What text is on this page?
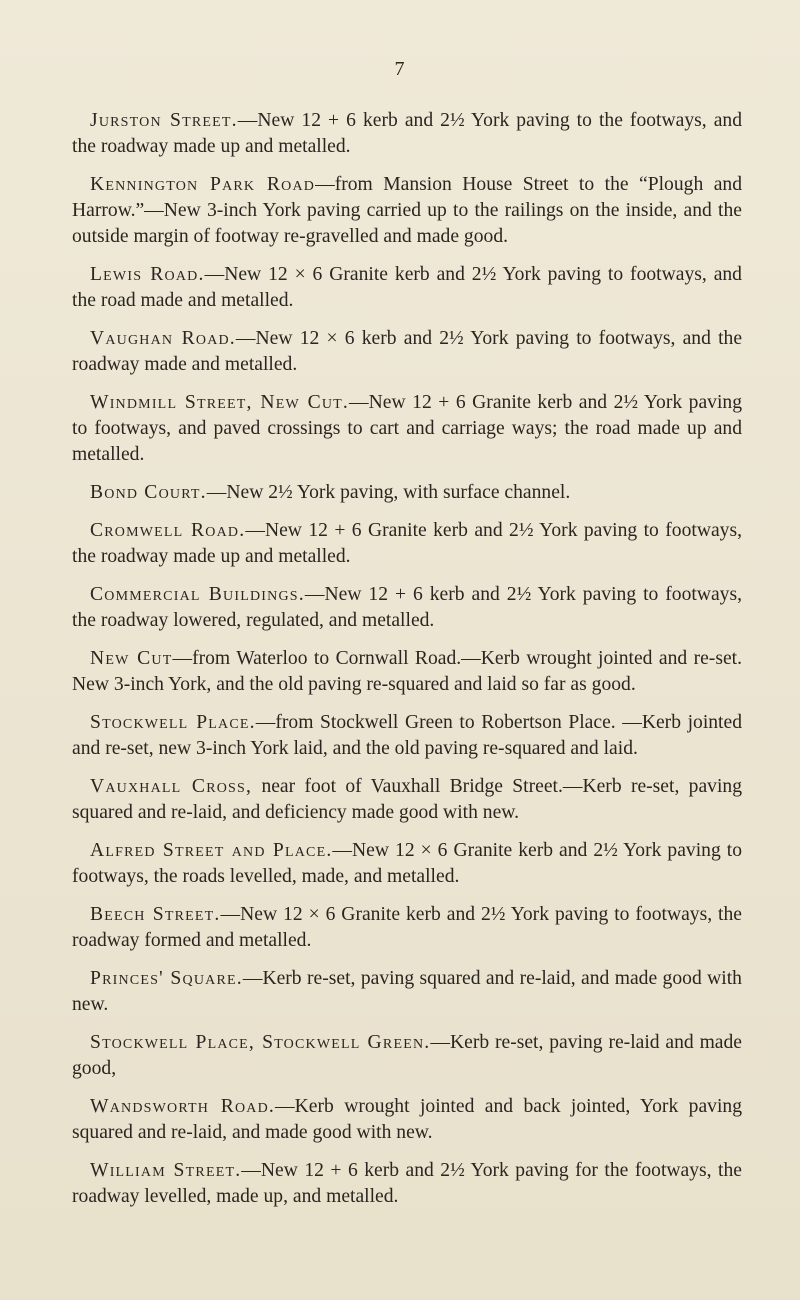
7

Jurston Street.—New 12 + 6 kerb and 2½ York paving to the footways, and the roadway made up and metalled.

Kennington Park Road—from Mansion House Street to the “Plough and Harrow.”—New 3-inch York paving carried up to the railings on the inside, and the outside margin of footway re-gravelled and made good.

Lewis Road.—New 12 × 6 Granite kerb and 2½ York paving to footways, and the road made and metalled.

Vaughan Road.—New 12 × 6 kerb and 2½ York paving to footways, and the roadway made and metalled.

Windmill Street, New Cut.—New 12 + 6 Granite kerb and 2½ York paving to footways, and paved crossings to cart and carriage ways; the road made up and metalled.

Bond Court.—New 2½ York paving, with surface channel.

Cromwell Road.—New 12 + 6 Granite kerb and 2½ York paving to footways, the roadway made up and metalled.

Commercial Buildings.—New 12 + 6 kerb and 2½ York paving to footways, the roadway lowered, regulated, and metalled.

New Cut—from Waterloo to Cornwall Road.—Kerb wrought jointed and re-set. New 3-inch York, and the old paving re-squared and laid so far as good.

Stockwell Place.—from Stockwell Green to Robertson Place. —Kerb jointed and re-set, new 3-inch York laid, and the old paving re-squared and laid.

Vauxhall Cross, near foot of Vauxhall Bridge Street.—Kerb re-set, paving squared and re-laid, and deficiency made good with new.

Alfred Street and Place.—New 12 × 6 Granite kerb and 2½ York paving to footways, the roads levelled, made, and metalled.

Beech Street.—New 12 × 6 Granite kerb and 2½ York paving to footways, the roadway formed and metalled.

Princes' Square.—Kerb re-set, paving squared and re-laid, and made good with new.

Stockwell Place, Stockwell Green.—Kerb re-set, paving re-laid and made good,

Wandsworth Road.—Kerb wrought jointed and back jointed, York paving squared and re-laid, and made good with new.

William Street.—New 12 + 6 kerb and 2½ York paving for the footways, the roadway levelled, made up, and metalled.
